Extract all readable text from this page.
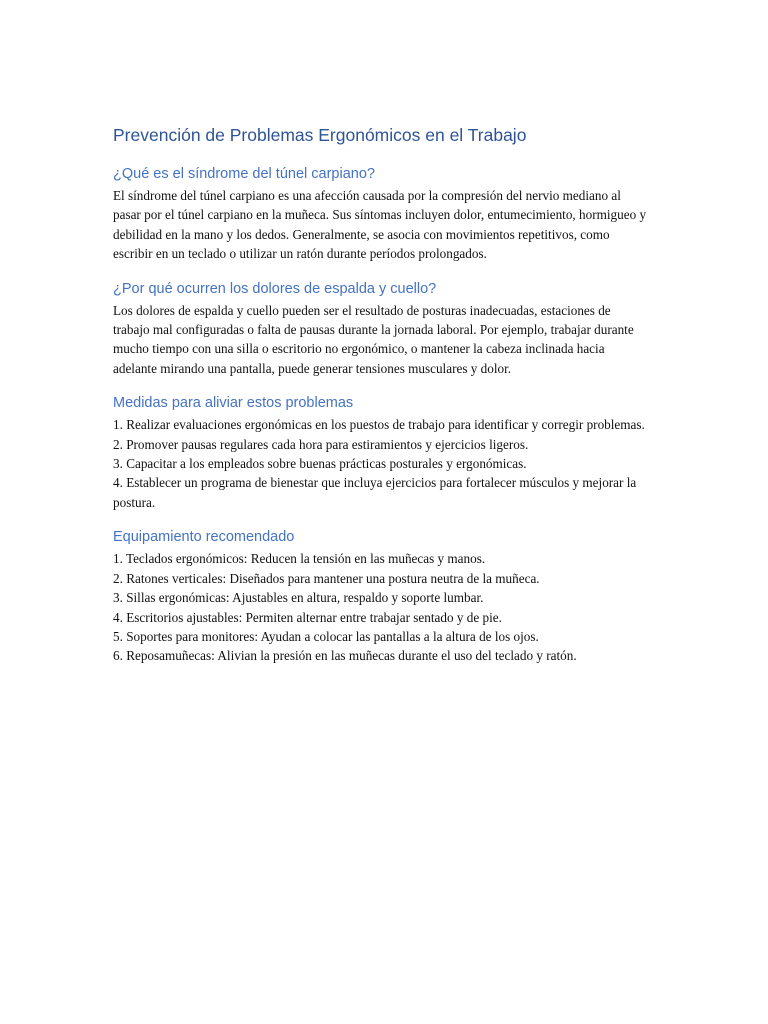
Prevención de Problemas Ergonómicos en el Trabajo
¿Qué es el síndrome del túnel carpiano?

El síndrome del túnel carpiano es una afección causada por la compresión del nervio mediano al pasar por el túnel carpiano en la muñeca. Sus síntomas incluyen dolor, entumecimiento, hormigueo y debilidad en la mano y los dedos. Generalmente, se asocia con movimientos repetitivos, como escribir en un teclado o utilizar un ratón durante períodos prolongados.

¿Por qué ocurren los dolores de espalda y cuello?

Los dolores de espalda y cuello pueden ser el resultado de posturas inadecuadas, estaciones de trabajo mal configuradas o falta de pausas durante la jornada laboral. Por ejemplo, trabajar durante mucho tiempo con una silla o escritorio no ergonómico, o mantener la cabeza inclinada hacia adelante mirando una pantalla, puede generar tensiones musculares y dolor.

Medidas para aliviar estos problemas
1. Realizar evaluaciones ergonómicas en los puestos de trabajo para identificar y corregir problemas.
2. Promover pausas regulares cada hora para estiramientos y ejercicios ligeros.
3. Capacitar a los empleados sobre buenas prácticas posturales y ergonómicas.
4. Establecer un programa de bienestar que incluya ejercicios para fortalecer músculos y mejorar la postura.
Equipamiento recomendado
1. Teclados ergonómicos: Reducen la tensión en las muñecas y manos.
2. Ratones verticales: Diseñados para mantener una postura neutra de la muñeca.
3. Sillas ergonómicas: Ajustables en altura, respaldo y soporte lumbar.
4. Escritorios ajustables: Permiten alternar entre trabajar sentado y de pie.
5. Soportes para monitores: Ayudan a colocar las pantallas a la altura de los ojos.
6. Reposamuñecas: Alivian la presión en las muñecas durante el uso del teclado y ratón.
